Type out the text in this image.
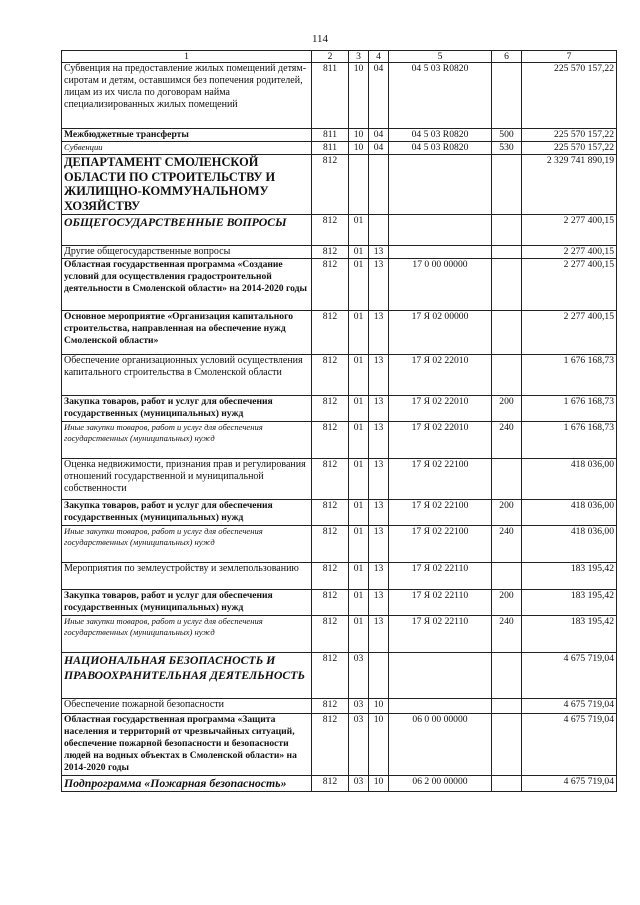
114
1	2	3	4	5	6	7
Субвенция на предоставление жилых помещений детям-сиротам и детям, оставшимся без попечения родителей, лицам из их числа по договорам найма специализированных жилых помещений	811	10	04	04 5 03 R0820		225 570 157,22
Межбюджетные трансферты	811	10	04	04 5 03 R0820	500	225 570 157,22
Субвенции	811	10	04	04 5 03 R0820	530	225 570 157,22
ДЕПАРТАМЕНТ СМОЛЕНСКОЙ ОБЛАСТИ ПО СТРОИТЕЛЬСТВУ И ЖИЛИЩНО-КОММУНАЛЬНОМУ ХОЗЯЙСТВУ	812					2 329 741 890,19
ОБЩЕГОСУДАРСТВЕННЫЕ ВОПРОСЫ	812	01				2 277 400,15
Другие общегосударственные вопросы	812	01	13			2 277 400,15
Областная государственная программа «Создание условий для осуществления градостроительной деятельности в Смоленской области» на 2014-2020 годы	812	01	13	17 0 00 00000		2 277 400,15
Основное мероприятие «Организация капитального строительства, направленная на обеспечение нужд Смоленской области»	812	01	13	17 Я 02 00000		2 277 400,15
Обеспечение организационных условий осуществления капитального строительства в Смоленской области	812	01	13	17 Я 02 22010		1 676 168,73
Закупка товаров, работ и услуг для обеспечения государственных (муниципальных) нужд	812	01	13	17 Я 02 22010	200	1 676 168,73
Иные закупки товаров, работ и услуг для обеспечения государственных (муниципальных) нужд	812	01	13	17 Я 02 22010	240	1 676 168,73
Оценка недвижимости, признания прав и регулирования отношений государственной и муниципальной собственности	812	01	13	17 Я 02 22100		418 036,00
Закупка товаров, работ и услуг для обеспечения государственных (муниципальных) нужд	812	01	13	17 Я 02 22100	200	418 036,00
Иные закупки товаров, работ и услуг для обеспечения государственных (муниципальных) нужд	812	01	13	17 Я 02 22100	240	418 036,00
Мероприятия по землеустройству и землепользованию	812	01	13	17 Я 02 22110		183 195,42
Закупка товаров, работ и услуг для обеспечения государственных (муниципальных) нужд	812	01	13	17 Я 02 22110	200	183 195,42
Иные закупки товаров, работ и услуг для обеспечения государственных (муниципальных) нужд	812	01	13	17 Я 02 22110	240	183 195,42
НАЦИОНАЛЬНАЯ БЕЗОПАСНОСТЬ И ПРАВООХРАНИТЕЛЬНАЯ ДЕЯТЕЛЬНОСТЬ	812	03				4 675 719,04
Обеспечение пожарной безопасности	812	03	10			4 675 719,04
Областная государственная программа «Защита населения и территорий от чрезвычайных ситуаций, обеспечение пожарной безопасности и безопасности людей на водных объектах в Смоленской области» на 2014-2020 годы	812	03	10	06 0 00 00000		4 675 719,04
Подпрограмма «Пожарная безопасность»	812	03	10	06 2 00 00000		4 675 719,04
